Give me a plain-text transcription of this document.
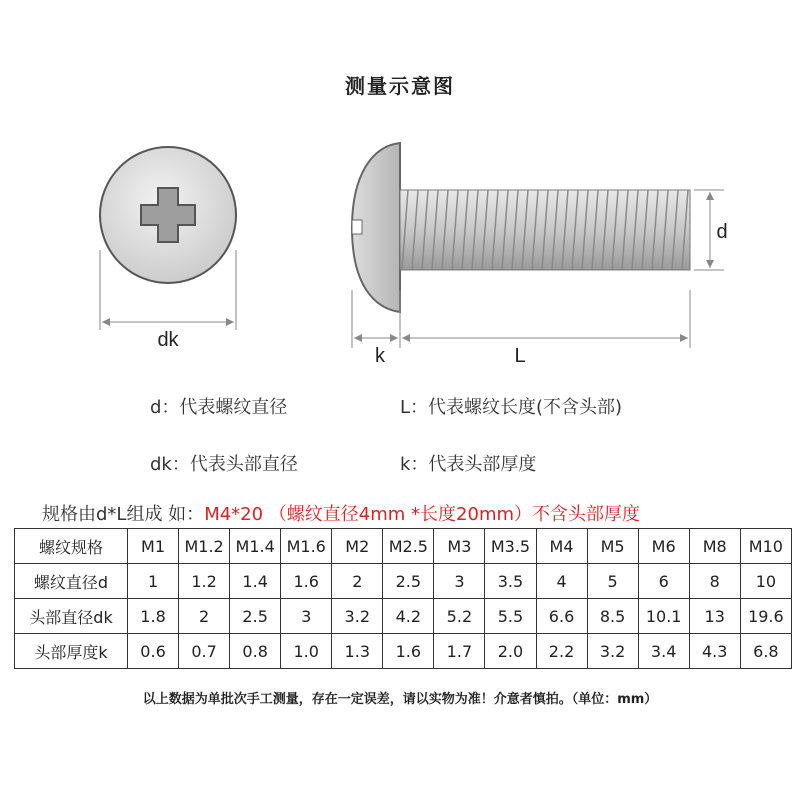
测量示意图
dk
d
k	L
d：代表螺纹直径	L：代表螺纹长度(不含头部)
dk：代表头部直径	k：代表头部厚度
规格由d*L组成 如：M4*20 （螺纹直径4mm *长度20mm）不含头部厚度
螺纹规格	M1	M1.2	M1.4	M1.6	M2	M2.5	M3	M3.5	M4	M5	M6	M8	M10
螺纹直径d	1	1.2	1.4	1.6	2	2.5	3	3.5	4	5	6	8	10
头部直径dk	1.8	2	2.5	3	3.2	4.2	5.2	5.5	6.6	8.5	10.1	13	19.6
头部厚度k	0.6	0.7	0.8	1.0	1.3	1.6	1.7	2.0	2.2	3.2	3.4	4.3	6.8
以上数据为单批次手工测量，存在一定误差，请以实物为准！介意者慎拍。（单位：mm）
